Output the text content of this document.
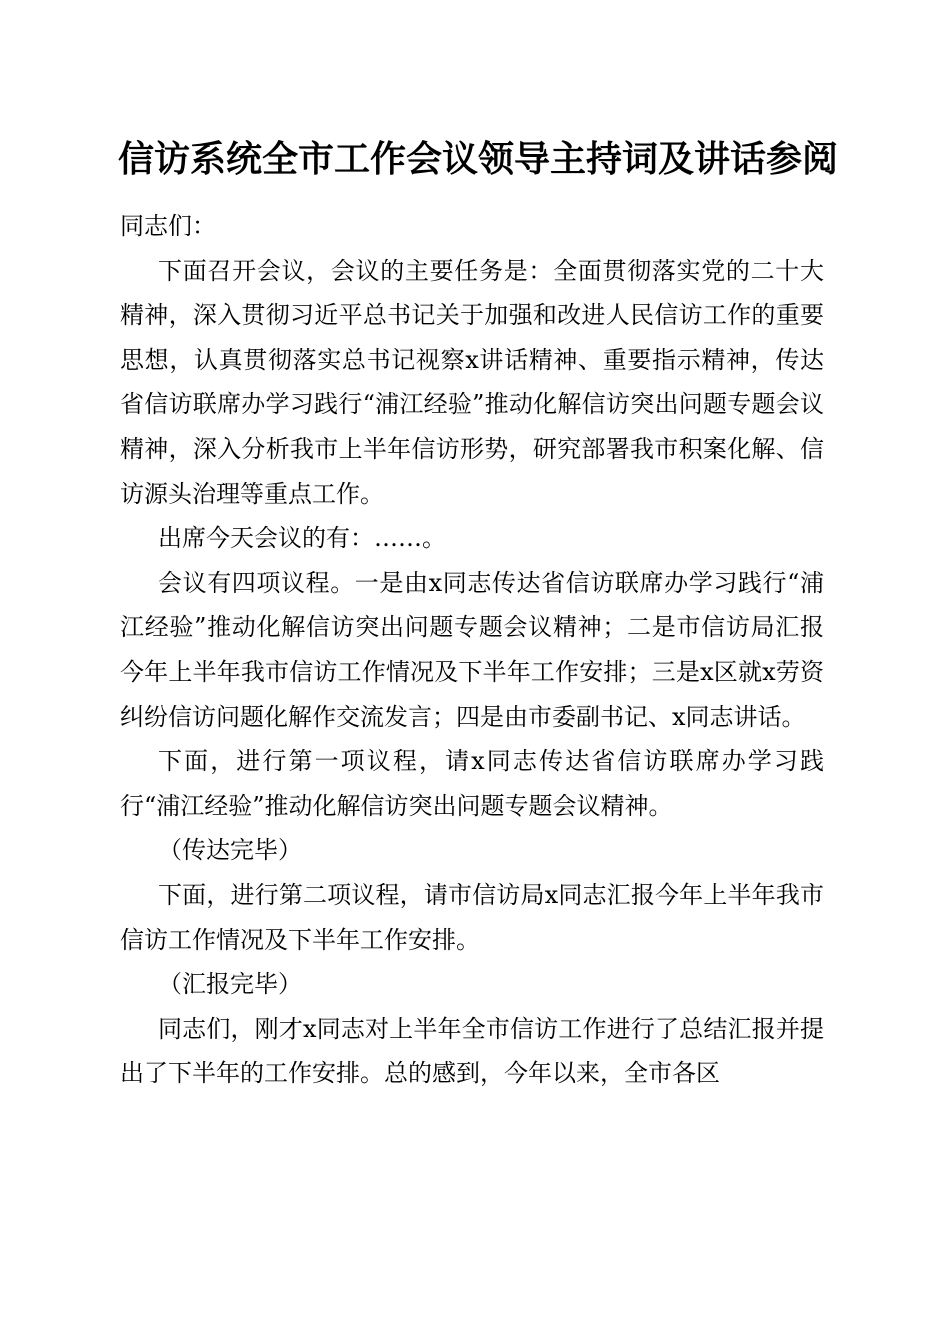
信访系统全市工作会议领导主持词及讲话参阅

同志们：

下面召开会议，会议的主要任务是：全面贯彻落实党的二十大精神，深入贯彻习近平总书记关于加强和改进人民信访工作的重要思想，认真贯彻落实总书记视察x讲话精神、重要指示精神，传达省信访联席办学习践行“浦江经验”推动化解信访突出问题专题会议精神，深入分析我市上半年信访形势，研究部署我市积案化解、信访源头治理等重点工作。

出席今天会议的有：……。

会议有四项议程。一是由x同志传达省信访联席办学习践行“浦江经验”推动化解信访突出问题专题会议精神；二是市信访局汇报今年上半年我市信访工作情况及下半年工作安排；三是x区就x劳资纠纷信访问题化解作交流发言；四是由市委副书记、x同志讲话。

下面，进行第一项议程，请x同志传达省信访联席办学习践行“浦江经验”推动化解信访突出问题专题会议精神。

（传达完毕）

下面，进行第二项议程，请市信访局x同志汇报今年上半年我市信访工作情况及下半年工作安排。

（汇报完毕）

同志们，刚才x同志对上半年全市信访工作进行了总结汇报并提出了下半年的工作安排。总的感到，今年以来，全市各区
